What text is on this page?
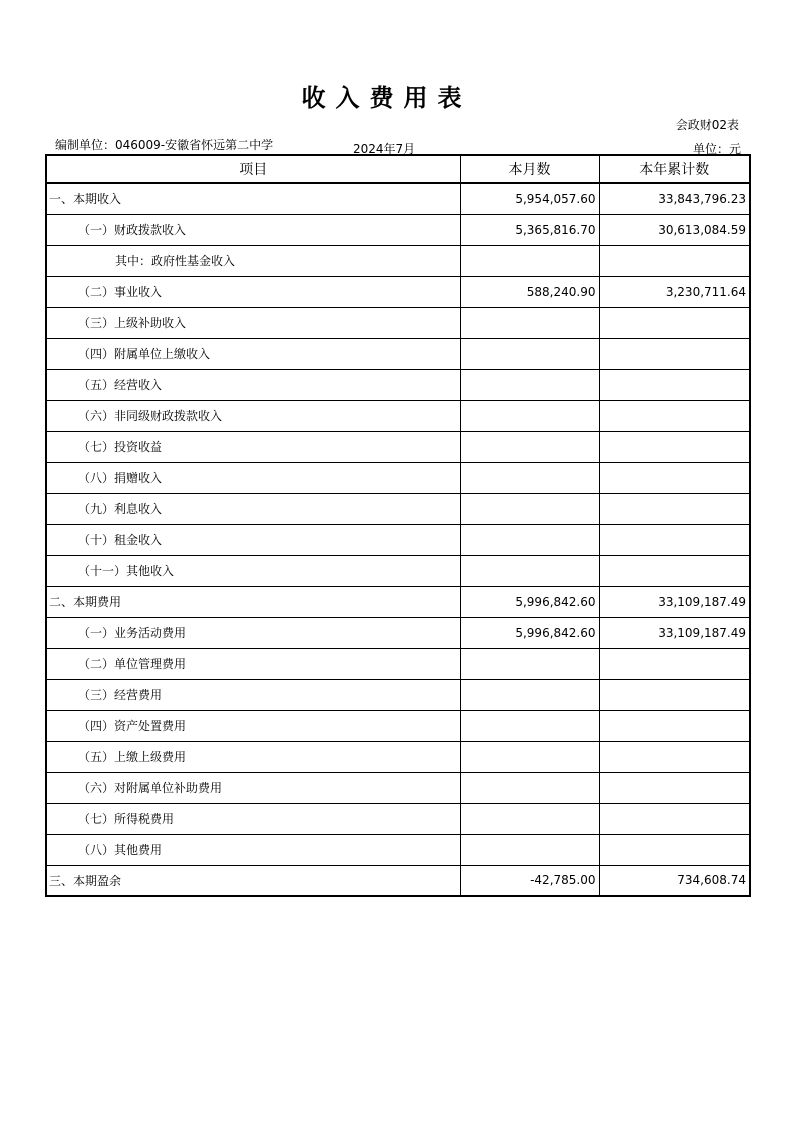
收入费用表
会政财02表
编制单位：046009-安徽省怀远第二中学	2024年7月	单位：元
项目	本月数	本年累计数
一、本期收入	5,954,057.60	33,843,796.23
（一）财政拨款收入	5,365,816.70	30,613,084.59
其中：政府性基金收入		
（二）事业收入	588,240.90	3,230,711.64
（三）上级补助收入		
（四）附属单位上缴收入		
（五）经营收入		
（六）非同级财政拨款收入		
（七）投资收益		
（八）捐赠收入		
（九）利息收入		
（十）租金收入		
（十一）其他收入		
二、本期费用	5,996,842.60	33,109,187.49
（一）业务活动费用	5,996,842.60	33,109,187.49
（二）单位管理费用		
（三）经营费用		
（四）资产处置费用		
（五）上缴上级费用		
（六）对附属单位补助费用		
（七）所得税费用		
（八）其他费用		
三、本期盈余	-42,785.00	734,608.74
